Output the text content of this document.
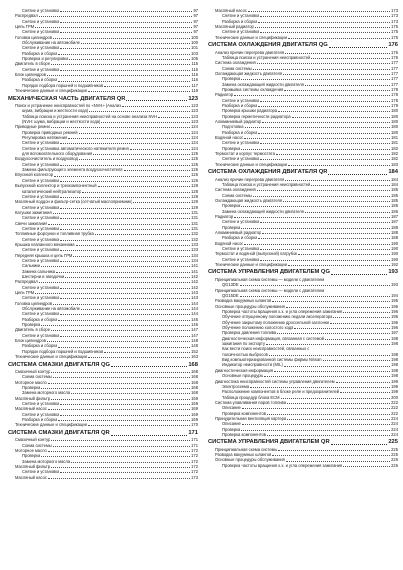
Снятие и установка	97
Распредвал	97
Снятие и установка	97
Цепь ГРМ	97
Снятие и установка	97
Головка цилиндров	100
Обслуживание на автомобиле	100
Снятие и установка	101
Разборка и сборка	103
Проверка и регулировка	105
Двигатель в сборе	115
Снятие и установка	115
Блок цилиндров	116
Разборка и сборка	116
Порядок подбора поршней и подшипников	117
Технические данные и спецификации	119
МЕХАНИЧЕСКАЯ ЧАСТЬ ДВИГАТЕЛЯ QR	123
Поиск и устранение неисправностей по «NVH» (Анализ	123
шума, вибрации и жесткости хода)	123
Таблица поиска и устранения неисправностей на основе анализа NVH	123
(NVH: шума, вибрации и жесткости хода)	123
Приводные ремни	124
Проверка приводных ремней	124
Регулировка натяжения	124
Снятие и установка	124
Снятие и установка автоматического натяжителя ремня	124
для вспомогательного оборудования	125
Воздухоочиститель и воздуховод	125
Снятие и установка	125
Замена фильтрующего элемента воздухоочистителя	126
Впускной коллектор	126
Снятие и установка	126
Выпускной коллектор и трехкомпонентный	128
каталитический нейтрализатор	128
Снятие и установка	128
Масляный поддон и фильтр-сетка (сетчатый маслоприемник)	129
Снятие и установка	129
Катушки зажигания	131
Снятие и установка	131
Свечи зажигания	131
Снятие и установка	131
Топливные форсунки и топливная трубка	132
Снятие и установка	132
Крышка клапанного механизма	133
Снятие и установка	133
Передняя крышка и цепь ГРМ	134
Снятие и установка	134
Сальники	141
Замена сальника	141
Шестерни и звездочки	142
Распредвал	142
Снятие и установка	142
Цепь ГРМ	143
Снятие и установка	143
Головка цилиндров	144
Обслуживание на автомобиле	144
Снятие и установка	144
Разборка и сборка	145
Проверка	146
Двигатель в сборе	147
Снятие и установка	147
Блок цилиндров	148
Разборка и сборка	148
Порядок подбора поршней и подшипников	152
Технические данные и спецификации	163
СИСТЕМА СМАЗКИ ДВИГАТЕЛЯ QG	168
Смазочный контур	168
Схема системы	168
Моторное масло	168
Проверка	168
Замена моторного масла	168
Масляный фильтр	169
Снятие и установка	169
Масляный насос	169
Снятие и установка	169
Разборка и сборка	169
Технические данные и спецификации	170
СИСТЕМА СМАЗКИ ДВИГАТЕЛЯ QR	171
Смазочный контур	171
Схема системы	171
Моторное масло	172
Проверка	172
Замена моторного масла	172
Масляный фильтр	172
Снятие и установка	172
Масляный насос	173
Масляный насос	173
Снятие и установка	173
Разборка и сборка	173
Масляный радиатор	175
Снятие и установка	175
Технические данные и спецификации	175
СИСТЕМА ОХЛАЖДЕНИЯ ДВИГАТЕЛЯ QG	176
Анализ причин перегрева двигателя	176
Таблица поиска и устранения неисправностей	176
Система охлаждения	177
Схема системы	177
Охлаждающая жидкость двигателя	177
Проверка	177
Замена охлаждающей жидкости двигателя	177
Промывка системы охлаждения	178
Радиатор	178
Снятие и установка	178
Разборка и сборка	179
Проверка крышки радиатора	180
Проверка герметичности радиатора	180
Алюминиевый радиатор	180
Подготовка	180
Разборка и сборка	180
Водяной насос	181
Снятие и установка	181
Проверка	182
Термостат и корпус термостата	182
Снятие и установка	182
Технические данные и спецификации	183
СИСТЕМА ОХЛАЖДЕНИЯ ДВИГАТЕЛЯ QR	184
Анализ причин перегрева двигателя	184
Таблица поиска и устранения неисправностей	184
Система охлаждения	185
Схема системы	185
Охлаждающая жидкость двигателя	185
Проверка	185
Замена охлаждающей жидкости двигателя	186
Радиатор	187
Снятие и установка	187
Проверка	188
Алюминиевый радиатор	188
Разборка и сборка	188
Водяной насос	190
Снятие и установка	190
Термостат и водяной (выпускной) патрубок	190
Снятие и установка	190
Технические данные и спецификации	192
СИСТЕМА УПРАВЛЕНИЯ ДВИГАТЕЛЕМ QG	193
Принципиальная схема системы — модели с двигателем
QG13DE	193
Принципиальная схема системы — модели с двигателем
QG15DE	194
Разводка вакуумных шлангов	195
Основные процедуры обслуживания	196
Проверка частоты вращения х.х. и угла опережения зажигания	196
Обучение отпущенному положению педали акселератора	196
Обучение закрытому положению дроссельной заслонки	196
Обучение положению холостого хода	196
Проверка давления топлива	197
Диагностическая информация, связанная с системой	198
зажигания по экспорту	198
Как вести поиск неисправностей, связанных с
токсичностью выбросов	198
Вид компьютеризированной системы фирмы Nissan	198
Индикатор неисправности (MIL)	198
Диагностическая информация	198
Основные процедуры	198
Диагностика неисправностей системы управления двигателем	199
Электросхема	199
Расположение компонентов в блоке реле и предохранителей	199
Таблица процедур блока ECM	200
Система улавливания паров топлива	222
Описание	222
Проверка компонентов	222
Принудительная вентиляция картера	224
Описание	224
Проверка	224
Проверка компонентов	224
СИСТЕМА УПРАВЛЕНИЯ ДВИГАТЕЛЕМ QR	225
Принципиальная схема системы	225
Разводка вакуумных шлангов	225
Основные процедуры обслуживания	226
Проверка частоты вращения х.х. и угла опережения зажигания	226
